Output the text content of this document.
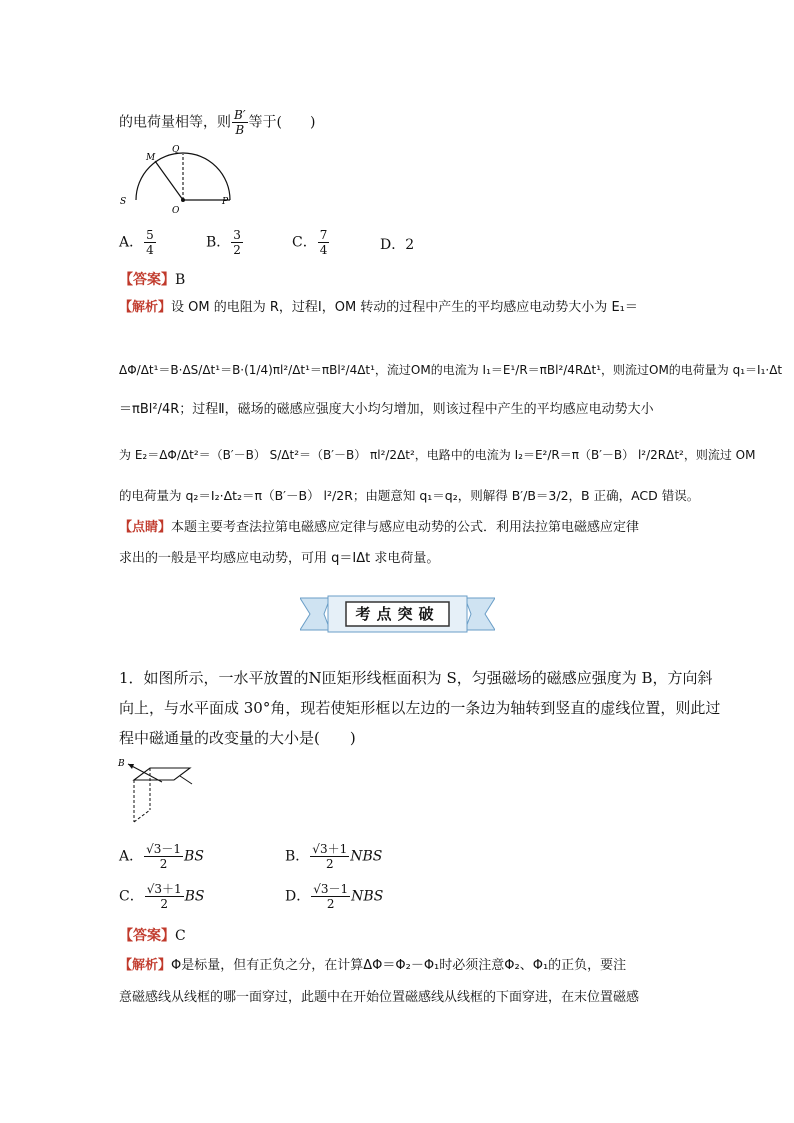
的电荷量相等，则 $\frac{B'}{B}$ 等于(　　)
M
Q
S
O
P
A． $\frac{5}{4}$	B． $\frac{3}{2}$	C． $\frac{7}{4}$	D．2
【答案】B
【解析】设 OM 的电阻为 R，过程Ⅰ，OM 转动的过程中产生的平均感应电动势大小为 E₁＝
ΔΦ/Δt¹＝B·ΔS/Δt¹＝B·(1/4)πl²/Δt¹＝πBl²/4Δt¹，流过OM的电流为 I₁＝E¹/R＝πBl²/4RΔt¹，则流过OM的电荷量为 q₁＝I₁·Δt
＝πBl²/4R；过程Ⅱ，磁场的磁感应强度大小均匀增加，则该过程中产生的平均感应电动势大小
为 E₂＝ΔΦ/Δt²＝（B′－B） S/Δt²＝（B′－B） πl²/2Δt²，电路中的电流为 I₂＝E²/R＝π（B′－B） l²/2RΔt²，则流过 OM
的电荷量为 q₂＝I₂·Δt₂＝π（B′－B） l²/2R；由题意知 q₁＝q₂，则解得 B′/B＝3/2，B 正确，ACD 错误。
【点睛】本题主要考查法拉第电磁感应定律与感应电动势的公式．利用法拉第电磁感应定律
求出的一般是平均感应电动势，可用 q＝IΔt 求电荷量。
考点突破
1．如图所示，一水平放置的N匝矩形线框面积为 S，匀强磁场的磁感应强度为 B，方向斜
向上，与水平面成 30°角，现若使矩形框以左边的一条边为轴转到竖直的虚线位置，则此过
程中磁通量的改变量的大小是(　　)
B
A． $\frac{√3-1}{2}$ BS	B． $\frac{√3+1}{2}$ NBS
C． $\frac{√3+1}{2}$ BS	D． $\frac{√3-1}{2}$ NBS
【答案】C
【解析】Φ是标量，但有正负之分，在计算ΔΦ＝Φ₂－Φ₁时必须注意Φ₂、Φ₁的正负，要注
意磁感线从线框的哪一面穿过，此题中在开始位置磁感线从线框的下面穿进，在末位置磁感
